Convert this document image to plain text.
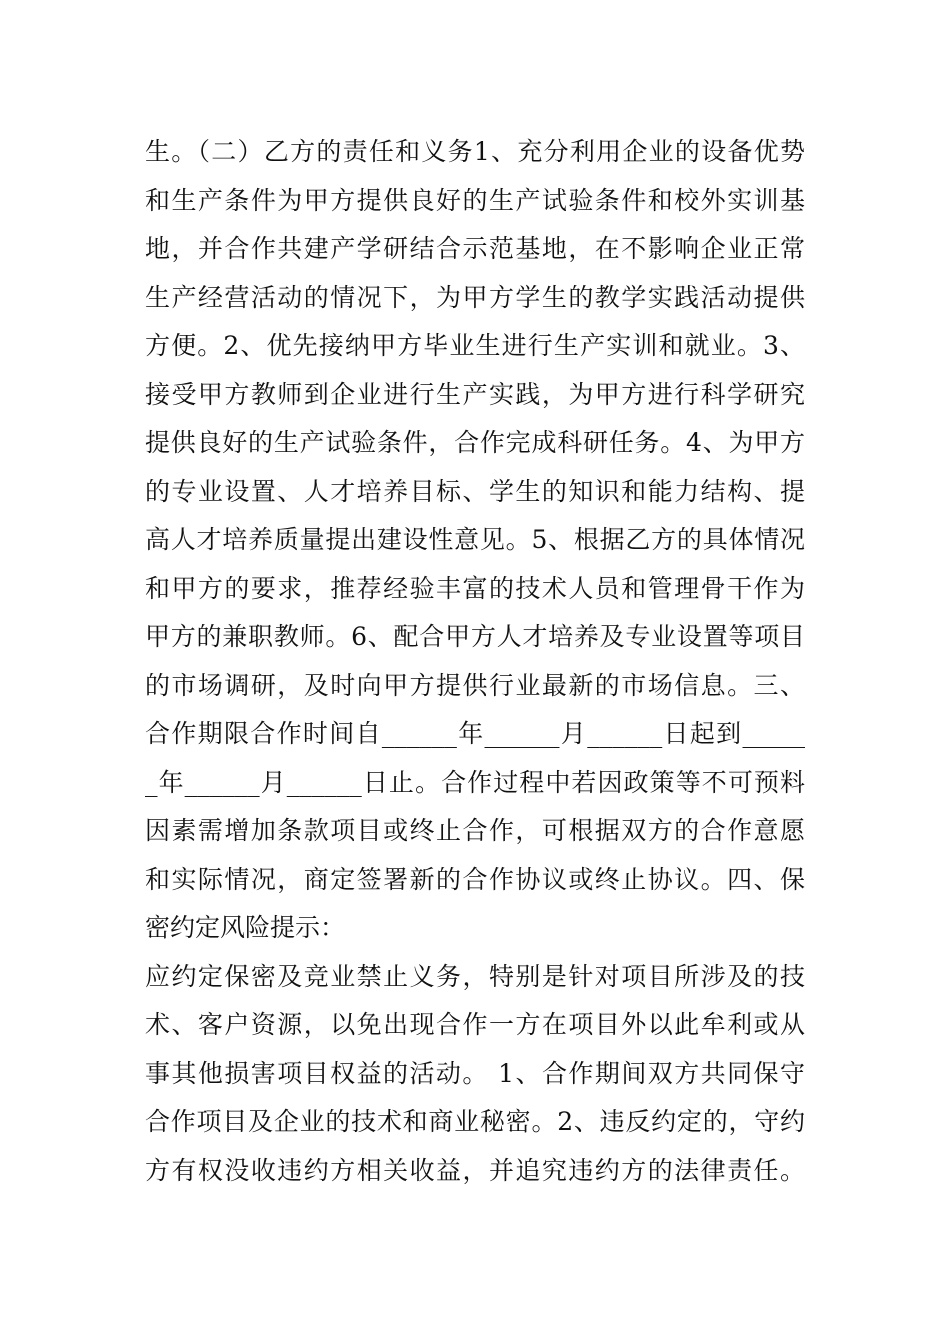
生。（二）乙方的责任和义务1、充分利用企业的设备优势
和生产条件为甲方提供良好的生产试验条件和校外实训基
地，并合作共建产学研结合示范基地，在不影响企业正常
生产经营活动的情况下，为甲方学生的教学实践活动提供
方便。2、优先接纳甲方毕业生进行生产实训和就业。3、
接受甲方教师到企业进行生产实践，为甲方进行科学研究
提供良好的生产试验条件，合作完成科研任务。4、为甲方
的专业设置、人才培养目标、学生的知识和能力结构、提
高人才培养质量提出建设性意见。5、根据乙方的具体情况
和甲方的要求，推荐经验丰富的技术人员和管理骨干作为
甲方的兼职教师。6、配合甲方人才培养及专业设置等项目
的市场调研，及时向甲方提供行业最新的市场信息。三、
合作期限合作时间自______年______月______日起到_____
_年______月______日止。合作过程中若因政策等不可预料
因素需增加条款项目或终止合作，可根据双方的合作意愿
和实际情况，商定签署新的合作协议或终止协议。四、保
密约定风险提示：
应约定保密及竞业禁止义务，特别是针对项目所涉及的技
术、客户资源，以免出现合作一方在项目外以此牟利或从
事其他损害项目权益的活动。 1、合作期间双方共同保守
合作项目及企业的技术和商业秘密。2、违反约定的，守约
方有权没收违约方相关收益，并追究违约方的法律责任。
